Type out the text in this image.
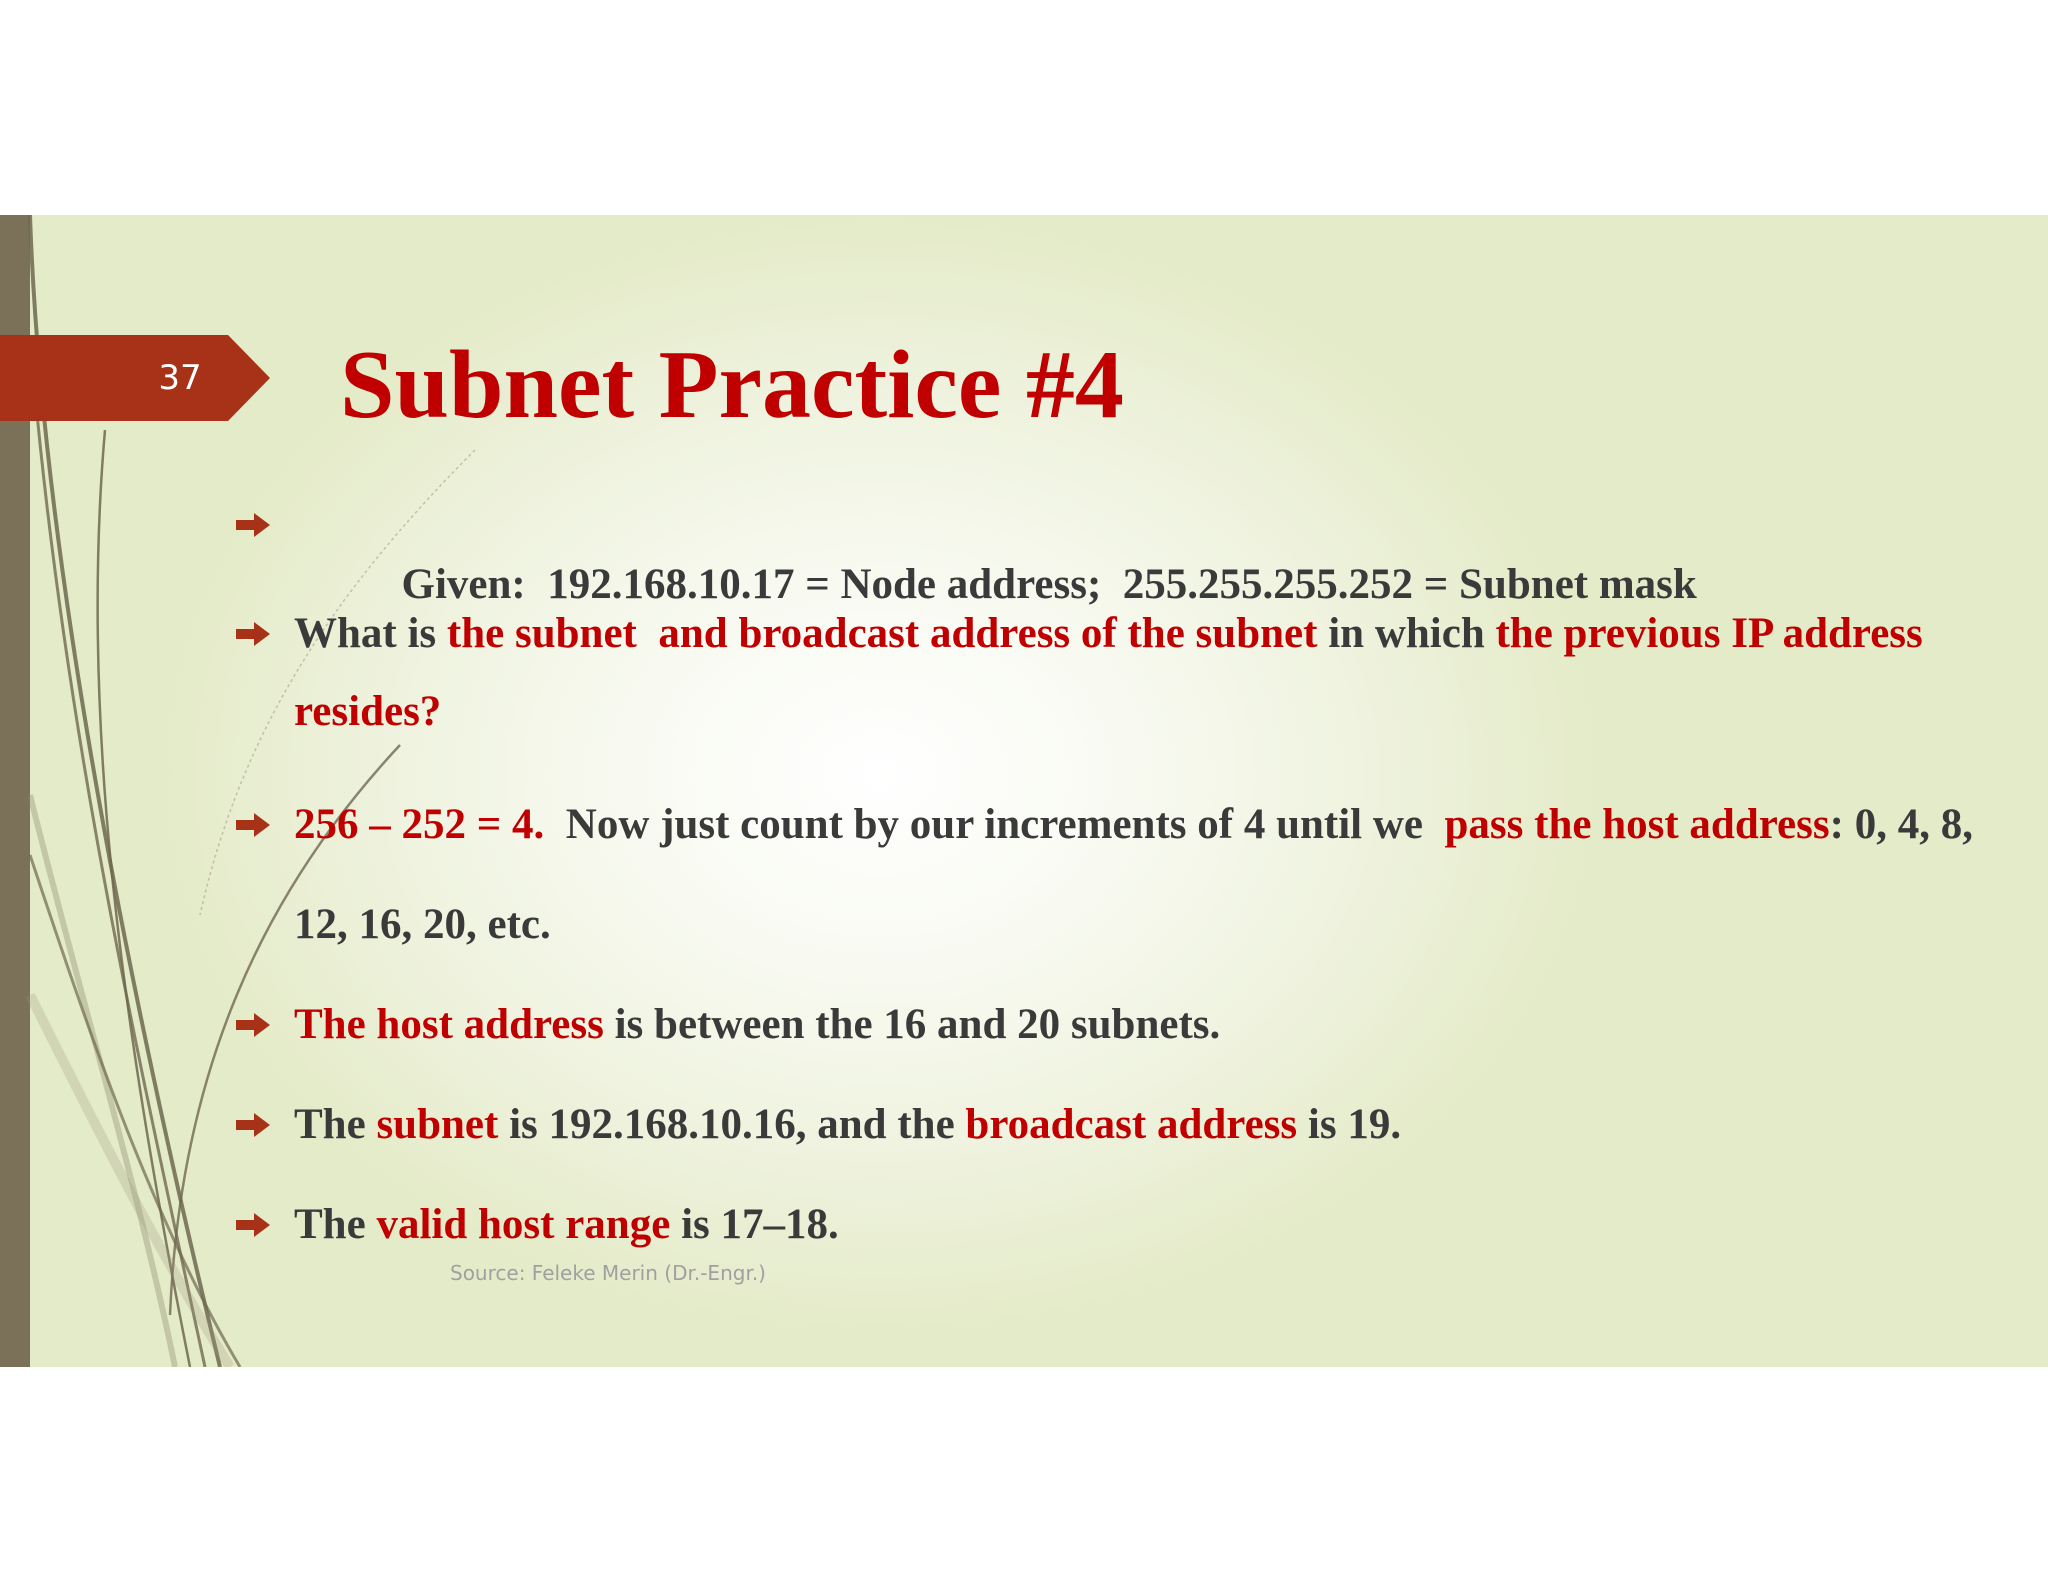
37 Subnet Practice #4

Given:  192.168.10.17 = Node address;  255.255.255.252 = Subnet mask

What is the subnet  and broadcast address of the subnet in which the previous IP address resides?
256 – 252 = 4.  Now just count by our increments of 4 until we  pass the host address: 0, 4, 8, 12, 16, 20, etc.
The host address is between the 16 and 20 subnets.
The subnet is 192.168.10.16, and the broadcast address is 19.
The valid host range is 17–18.
Source: Feleke Merin (Dr.-Engr.)
